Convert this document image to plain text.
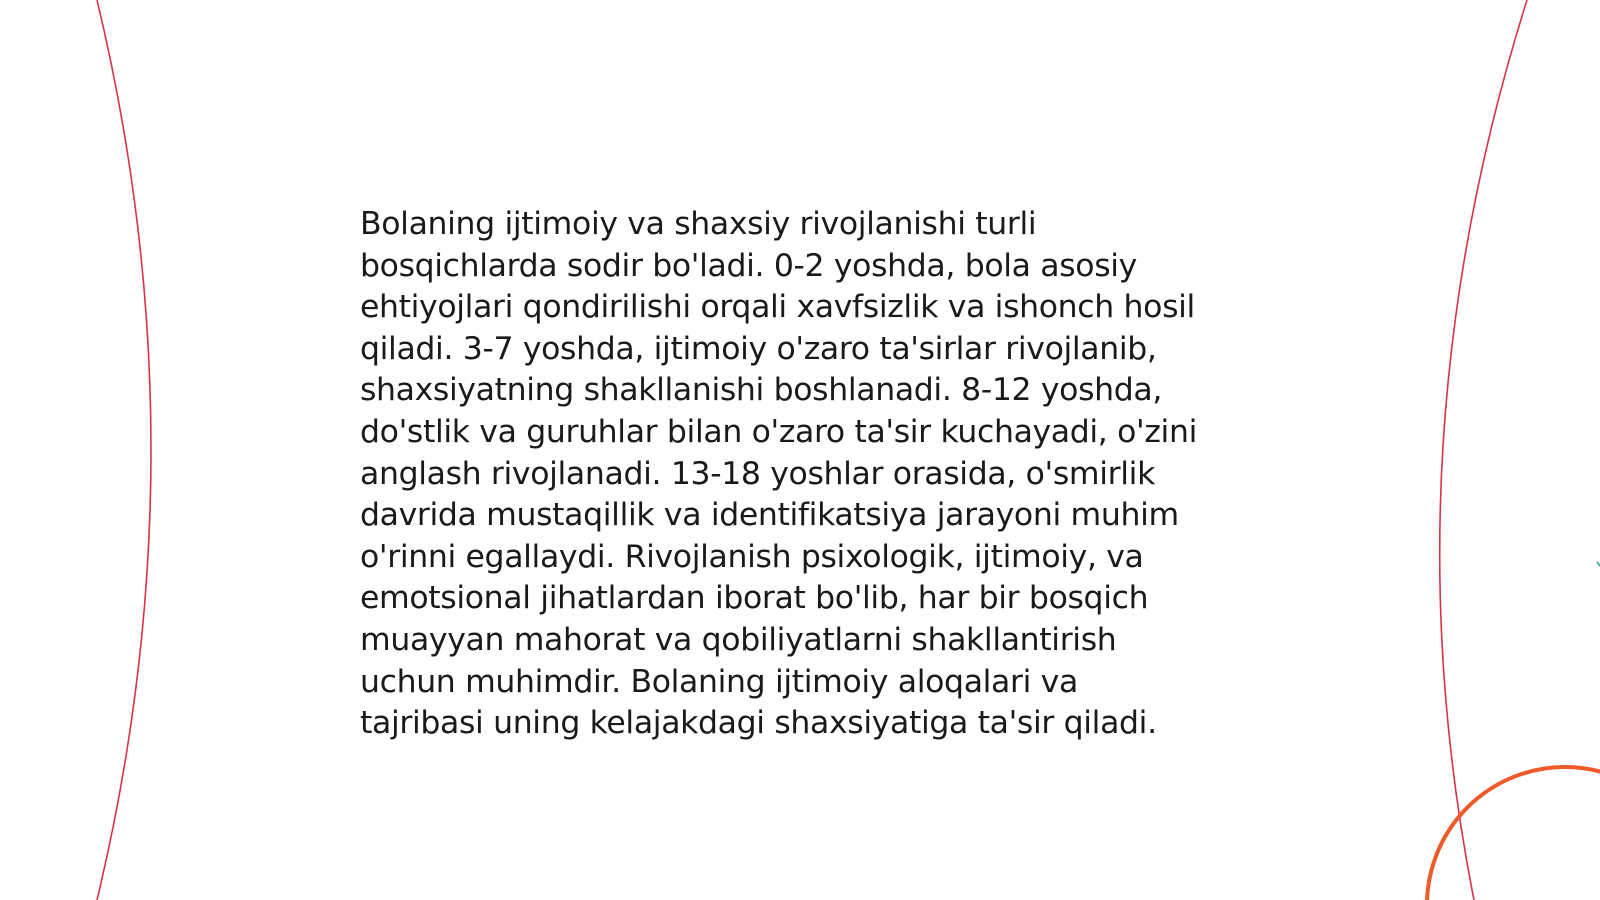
Bolaning ijtimoiy va shaxsiy rivojlanishi turli
bosqichlarda sodir bo'ladi. 0-2 yoshda, bola asosiy
ehtiyojlari qondirilishi orqali xavfsizlik va ishonch hosil
qiladi. 3-7 yoshda, ijtimoiy o'zaro ta'sirlar rivojlanib,
shaxsiyatning shakllanishi boshlanadi. 8-12 yoshda,
do'stlik va guruhlar bilan o'zaro ta'sir kuchayadi, o'zini
anglash rivojlanadi. 13-18 yoshlar orasida, o'smirlik
davrida mustaqillik va identifikatsiya jarayoni muhim
o'rinni egallaydi. Rivojlanish psixologik, ijtimoiy, va
emotsional jihatlardan iborat bo'lib, har bir bosqich
muayyan mahorat va qobiliyatlarni shakllantirish
uchun muhimdir. Bolaning ijtimoiy aloqalari va
tajribasi uning kelajakdagi shaxsiyatiga ta'sir qiladi.
